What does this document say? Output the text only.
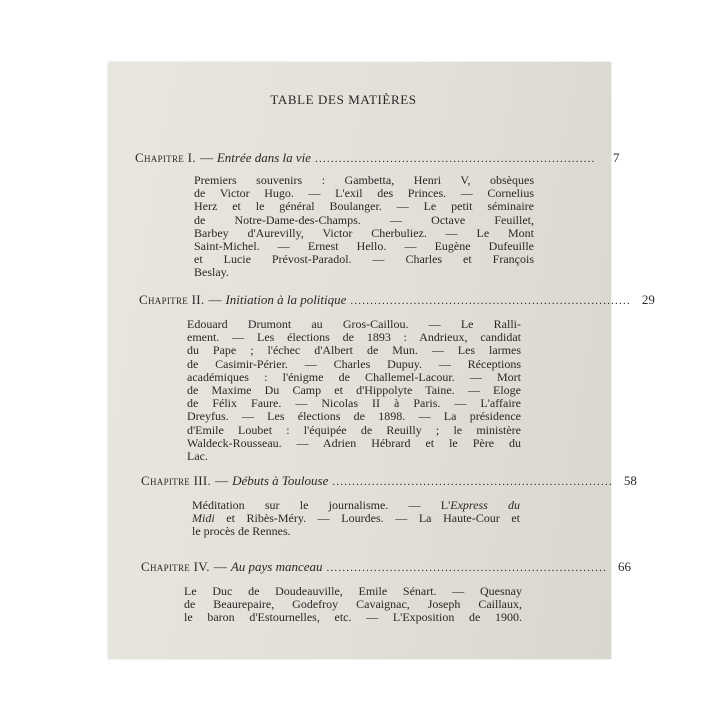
TABLE DES MATIÈRES
Chapitre I. — Entrée dans la vie .......................................................................	7
Premiers souvenirs : Gambetta, Henri V, obsèques
de Victor Hugo. — L'exil des Princes. — Cornelius
Herz et le général Boulanger. — Le petit séminaire
de Notre-Dame-des-Champs. — Octave Feuillet,
Barbey d'Aurevilly, Victor Cherbuliez. — Le Mont
Saint-Michel. — Ernest Hello. — Eugène Dufeuille
et Lucie Prévost-Paradol. — Charles et François
Beslay.
Chapitre II. — Initiation à la politique ....................................................................... 29
Edouard Drumont au Gros-Caillou. — Le Ralli-
ement. — Les élections de 1893 : Andrieux, candidat
du Pape ; l'échec d'Albert de Mun. — Les larmes
de Casimir-Périer. — Charles Dupuy. — Réceptions
académiques : l'énigme de Challemel-Lacour. — Mort
de Maxime Du Camp et d'Hippolyte Taine. — Eloge
de Félix Faure. — Nicolas II à Paris. — L'affaire
Dreyfus. — Les élections de 1898. — La présidence
d'Emile Loubet : l'équipée de Reuilly ; le ministère
Waldeck-Rousseau. — Adrien Hébrard et le Père du
Lac.
Chapitre III. — Débuts à Toulouse ....................................................................... 58
Méditation sur le journalisme. — L'Express du
Midi et Ribès-Méry. — Lourdes. — La Haute-Cour et
le procès de Rennes.
Chapitre IV. — Au pays manceau ....................................................................... 66
Le Duc de Doudeauville, Emile Sénart. — Quesnay
de Beaurepaire, Godefroy Cavaignac, Joseph Caillaux,
le baron d'Estournelles, etc. — L'Exposition de 1900.
